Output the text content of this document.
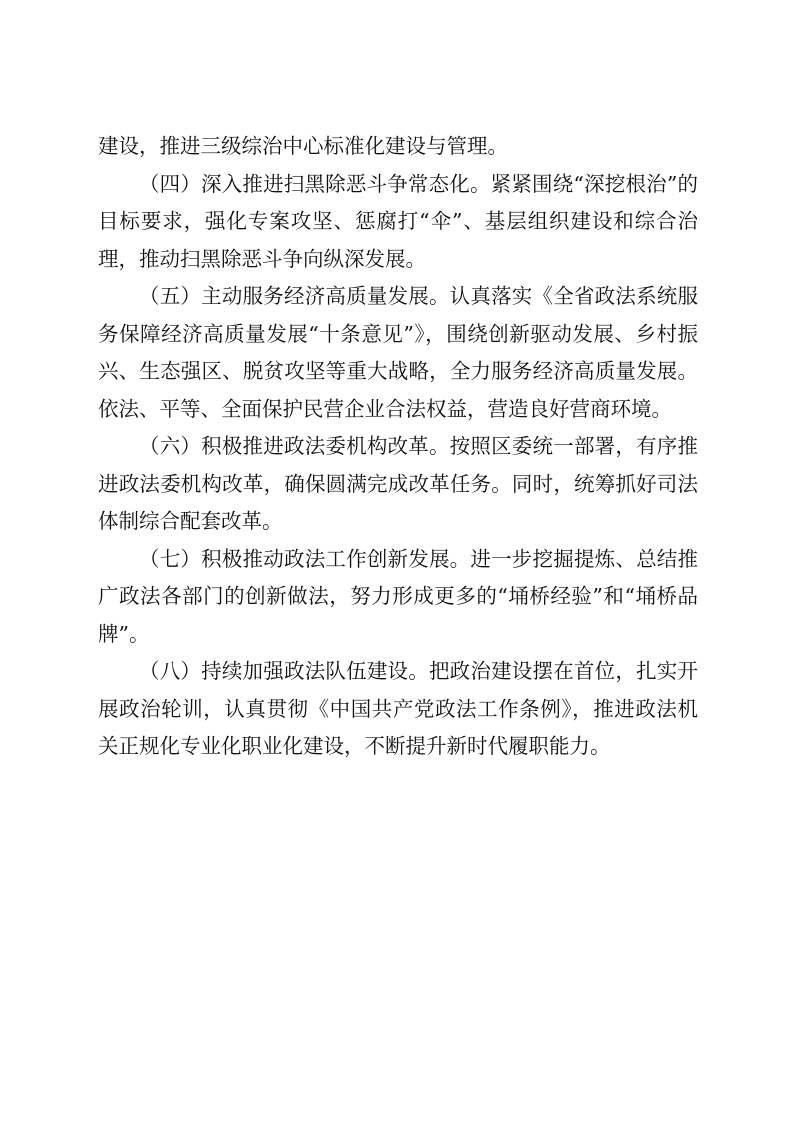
建设，推进三级综治中心标准化建设与管理。

（四）深入推进扫黑除恶斗争常态化。紧紧围绕“深挖根治”的目标要求，强化专案攻坚、惩腐打“伞”、基层组织建设和综合治理，推动扫黑除恶斗争向纵深发展。

（五）主动服务经济高质量发展。认真落实《全省政法系统服务保障经济高质量发展“十条意见”》，围绕创新驱动发展、乡村振兴、生态强区、脱贫攻坚等重大战略，全力服务经济高质量发展。依法、平等、全面保护民营企业合法权益，营造良好营商环境。

（六）积极推进政法委机构改革。按照区委统一部署，有序推进政法委机构改革，确保圆满完成改革任务。同时，统筹抓好司法体制综合配套改革。

（七）积极推动政法工作创新发展。进一步挖掘提炼、总结推广政法各部门的创新做法，努力形成更多的“埇桥经验”和“埇桥品牌”。

（八）持续加强政法队伍建设。把政治建设摆在首位，扎实开展政治轮训，认真贯彻《中国共产党政法工作条例》，推进政法机关正规化专业化职业化建设，不断提升新时代履职能力。
